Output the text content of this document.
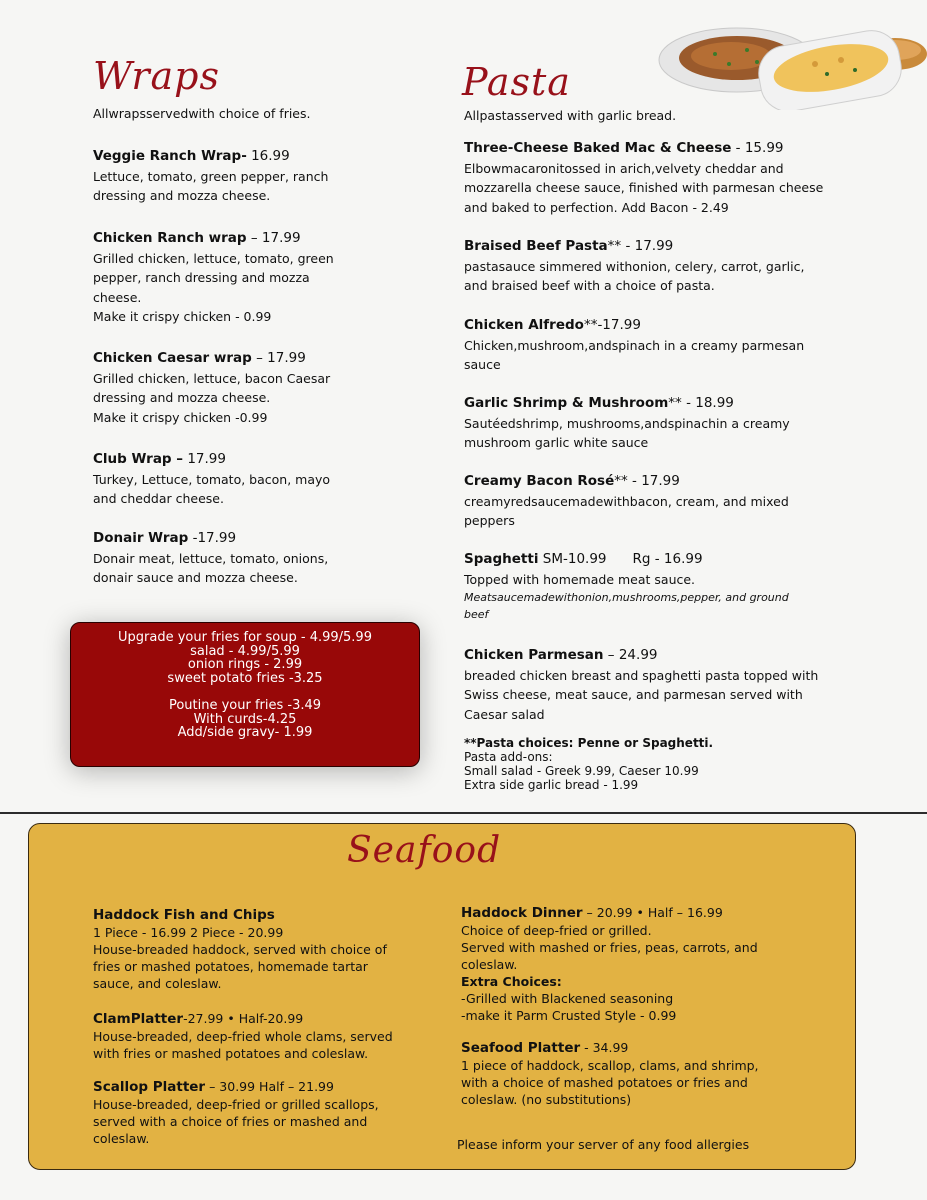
Wraps

Allwrapsservedwith choice of fries.

Veggie Ranch Wrap- 16.99

Lettuce, tomato, green pepper, ranch

dressing and mozza cheese.

Chicken Ranch wrap – 17.99

Grilled chicken, lettuce, tomato, green

pepper, ranch dressing and mozza

cheese.

Make it crispy chicken - 0.99

Chicken Caesar wrap – 17.99

Grilled chicken, lettuce, bacon Caesar

dressing and mozza cheese.

Make it crispy chicken -0.99

Club Wrap – 17.99

Turkey, Lettuce, tomato, bacon, mayo

and cheddar cheese.

Donair Wrap -17.99

Donair meat, lettuce, tomato, onions,

donair sauce and mozza cheese.

Upgrade your fries for soup - 4.99/5.99
salad - 4.99/5.99
onion rings - 2.99
sweet potato fries -3.25
Poutine your fries -3.49
With curds-4.25
Add/side gravy- 1.99
Pasta

Allpastasserved with garlic bread.

Three-Cheese Baked Mac & Cheese - 15.99

Elbowmacaronitossed in arich,velvety cheddar and

mozzarella cheese sauce, finished with parmesan cheese

and baked to perfection. Add Bacon - 2.49

Braised Beef Pasta** - 17.99

pastasauce simmered withonion, celery, carrot, garlic,

and braised beef with a choice of pasta.

Chicken Alfredo**-17.99

Chicken,mushroom,andspinach in a creamy parmesan

sauce

Garlic Shrimp & Mushroom** - 18.99

Sautéedshrimp, mushrooms,andspinachin a creamy

mushroom garlic white sauce

Creamy Bacon Rosé** - 17.99

creamyredsaucemadewithbacon, cream, and mixed

peppers

Spaghetti SM-10.99 Rg - 16.99

Topped with homemade meat sauce.

Meatsaucemadewithonion,mushrooms,pepper, and ground

beef

Chicken Parmesan – 24.99

breaded chicken breast and spaghetti pasta topped with

Swiss cheese, meat sauce, and parmesan served with

Caesar salad

**Pasta choices: Penne or Spaghetti.

Pasta add-ons:

Small salad - Greek 9.99, Caeser 10.99

Extra side garlic bread - 1.99

Seafood
Haddock Fish and Chips

1 Piece - 16.99 2 Piece - 20.99

House-breaded haddock, served with choice of

fries or mashed potatoes, homemade tartar

sauce, and coleslaw.

ClamPlatter-27.99 • Half-20.99

House-breaded, deep-fried whole clams, served

with fries or mashed potatoes and coleslaw.

Scallop Platter – 30.99 Half – 21.99

House-breaded, deep-fried or grilled scallops,

served with a choice of fries or mashed and

coleslaw.

Haddock Dinner – 20.99 • Half – 16.99

Choice of deep-fried or grilled.

Served with mashed or fries, peas, carrots, and

coleslaw.

Extra Choices:

-Grilled with Blackened seasoning

-make it Parm Crusted Style - 0.99

Seafood Platter - 34.99

1 piece of haddock, scallop, clams, and shrimp,

with a choice of mashed potatoes or fries and

coleslaw. (no substitutions)

Please inform your server of any food allergies
